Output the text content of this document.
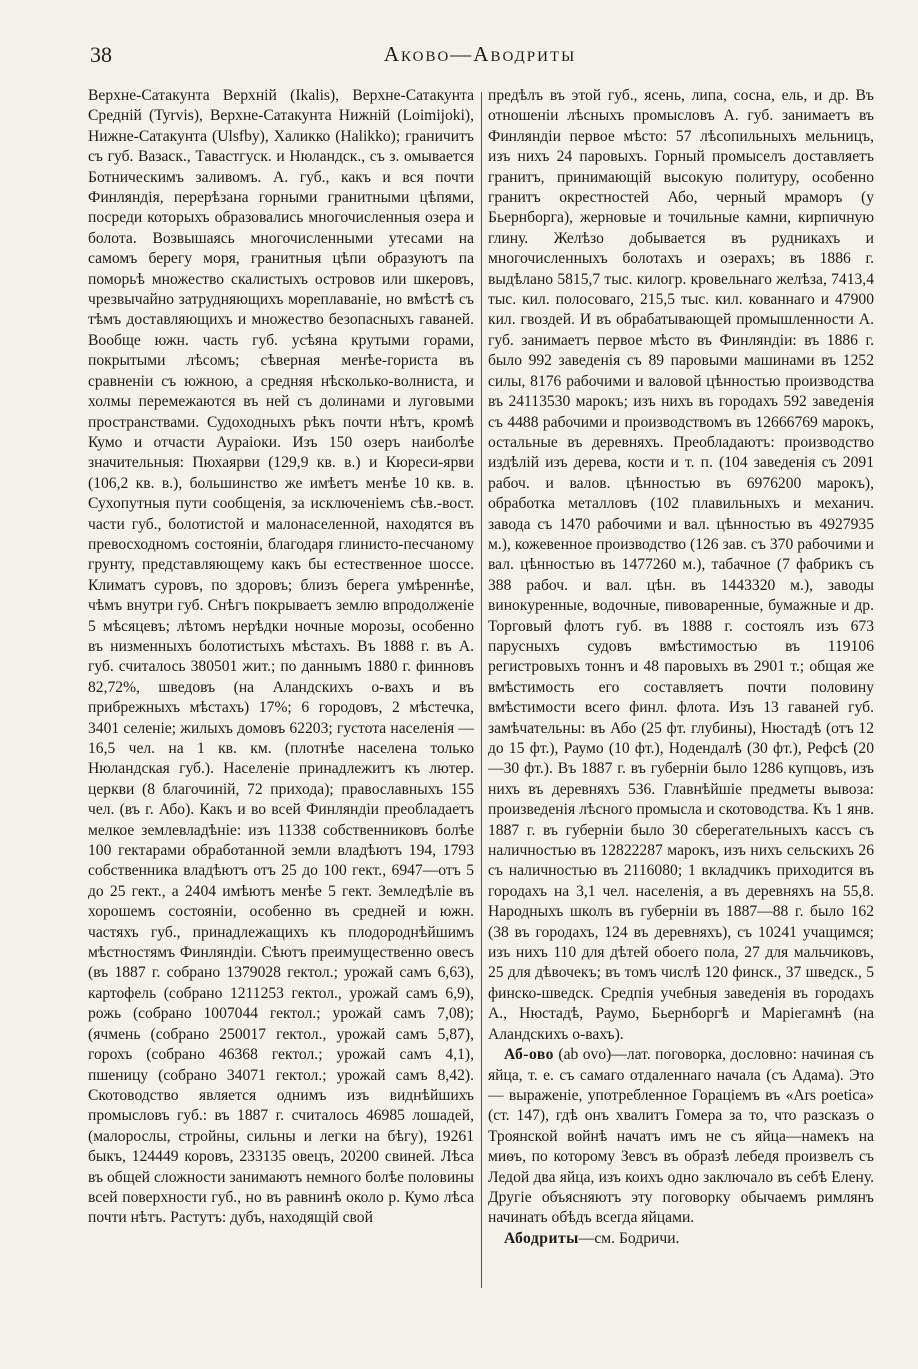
38	Аково—Аводриты

Верхне-Сатакунта Верхній (Ikalis), Верхне-Сатакунта Средній (Tyrvis), Верхне-Сатакунта Нижній (Loimijoki), Нижне-Сатакунта (Ulsfby), Халикко (Halikko); граничитъ съ губ. Вазаск., Тавастгуск. и Нюландск., съ з. омывается Ботническимъ заливомъ. А. губ., какъ и вся почти Финляндія, перерѣзана горными гранитными цѣпями, посреди которыхъ образовались многочисленныя озера и болота. Возвышаясь многочисленными утесами на самомъ берегу моря, гранитныя цѣпи образуютъ па поморьѣ множество скалистыхъ островов или шкеровъ, чрезвычайно затрудняющихъ мореплаваніе, но вмѣстѣ съ тѣмъ доставляющихъ и множество безопасныхъ гаваней. Вообще южн. часть губ. усѣяна крутыми горами, покрытыми лѣсомъ; сѣверная менѣе-гориста въ сравненіи съ южною, а средняя нѣсколько-волниста, и холмы перемежаются въ ней съ долинами и луговыми пространствами. Судоходныхъ рѣкъ почти нѣтъ, кромѣ Кумо и отчасти Аураіоки. Изъ 150 озеръ наиболѣе значительныя: Пюхаярви (129,9 кв. в.) и Кюреси-ярви (106,2 кв. в.), большинство же имѣетъ менѣе 10 кв. в. Сухопутныя пути сообщенія, за исключеніемъ сѣв.-вост. части губ., болотистой и малонаселенной, находятся въ превосходномъ состояніи, благодаря глинисто-песчаному грунту, представляющему какъ бы естественное шоссе. Климатъ суровъ, по здоровъ; близъ берега умѣреннѣе, чѣмъ внутри губ. Снѣгъ покрываетъ землю впродолженіе 5 мѣсяцевъ; лѣтомъ нерѣдки ночные морозы, особенно въ низменныхъ болотистыхъ мѣстахъ. Въ 1888 г. въ А. губ. считалось 380501 жит.; по даннымъ 1880 г. финновъ 82,72%, шведовъ (на Аландскихъ о-вахъ и въ прибрежныхъ мѣстахъ) 17%; 6 городовъ, 2 мѣстечка, 3401 селеніе; жилыхъ домовъ 62203; густота населенія — 16,5 чел. на 1 кв. км. (плотнѣе населена только Нюландская губ.). Населеніе принадлежитъ къ лютер. церкви (8 благочиній, 72 прихода); православныхъ 155 чел. (въ г. Або). Какъ и во всей Финляндіи преобладаетъ мелкое землевладѣніе: изъ 11338 собственниковъ болѣе 100 гектарами обработанной земли владѣютъ 194, 1793 собственника владѣютъ отъ 25 до 100 гект., 6947—отъ 5 до 25 гект., а 2404 имѣютъ менѣе 5 гект. Земледѣліе въ хорошемъ состояніи, особенно въ средней и южн. частяхъ губ., принадлежащихъ къ плодороднѣйшимъ мѣстностямъ Финляндіи. Сѣютъ преимущественно овесъ (въ 1887 г. собрано 1379028 гектол.; урожай самъ 6,63), картофель (собрано 1211253 гектол., урожай самъ 6,9), рожь (собрано 1007044 гектол.; урожай самъ 7,08); (ячмень (собрано 250017 гектол., урожай самъ 5,87), горохъ (собрано 46368 гектол.; урожай самъ 4,1), пшеницу (собрано 34071 гектол.; урожай самъ 8,42). Скотоводство является однимъ изъ виднѣйшихъ промысловъ губ.: въ 1887 г. считалось 46985 лошадей, (малорослы, стройны, сильны и легки на бѣгу), 19261 быкъ, 124449 коровъ, 233135 овецъ, 20200 свиней. Лѣса въ общей сложности занимаютъ немного болѣе половины всей поверхности губ., но въ равнинѣ около р. Кумо лѣса почти нѣтъ. Растутъ: дубъ, находящій свой

предѣлъ въ этой губ., ясень, липа, сосна, ель, и др. Въ отношеніи лѣсныхъ промысловъ А. губ. занимаетъ въ Финляндіи первое мѣсто: 57 лѣсопильныхъ мельницъ, изъ нихъ 24 паровыхъ. Горный промыселъ доставляетъ гранитъ, принимающій высокую политуру, особенно гранитъ окрестностей Або, черный мраморъ (у Бьернборга), жерновые и точильные камни, кирпичную глину. Желѣзо добывается въ рудникахъ и многочисленныхъ болотахъ и озерахъ; въ 1886 г. выдѣлано 5815,7 тыс. килогр. кровельнаго желѣза, 7413,4 тыс. кил. полосоваго, 215,5 тыс. кил. кованнаго и 47900 кил. гвоздей. И въ обрабатывающей промышленности А. губ. занимаетъ первое мѣсто въ Финляндіи: въ 1886 г. было 992 заведенія съ 89 паровыми машинами въ 1252 силы, 8176 рабочими и валовой цѣнностью производства въ 24113530 марокъ; изъ нихъ въ городахъ 592 заведенія съ 4488 рабочими и производствомъ въ 12666769 марокъ, остальные въ деревняхъ. Преобладаютъ: производство издѣлій изъ дерева, кости и т. п. (104 заведенія съ 2091 рабоч. и валов. цѣнностью въ 6976200 марокъ), обработка металловъ (102 плавильныхъ и механич. завода съ 1470 рабочими и вал. цѣнностью въ 4927935 м.), кожевенное производство (126 зав. съ 370 рабочими и вал. цѣнностью въ 1477260 м.), табачное (7 фабрикъ съ 388 рабоч. и вал. цѣн. въ 1443320 м.), заводы винокуренные, водочные, пивоваренные, бумажные и др. Торговый флотъ губ. въ 1888 г. состоялъ изъ 673 парусныхъ судовъ вмѣстимостью въ 119106 регистровыхъ тоннъ и 48 паровыхъ въ 2901 т.; общая же вмѣстимость его составляетъ почти половину вмѣстимости всего финл. флота. Изъ 13 гаваней губ. замѣчательны: въ Або (25 фт. глубины), Нюстадѣ (отъ 12 до 15 фт.), Раумо (10 фт.), Нодендалѣ (30 фт.), Рефсѣ (20—30 фт.). Въ 1887 г. въ губерніи было 1286 купцовъ, изъ нихъ въ деревняхъ 536. Главнѣйшіе предметы вывоза: произведенія лѣсного промысла и скотоводства. Къ 1 янв. 1887 г. въ губерніи было 30 сберегательныхъ кассъ съ наличностью въ 12822287 марокъ, изъ нихъ сельскихъ 26 съ наличностью въ 2116080; 1 вкладчикъ приходится въ городахъ на 3,1 чел. населенія, а въ деревняхъ на 55,8. Народныхъ школъ въ губерніи въ 1887—88 г. было 162 (38 въ городахъ, 124 въ деревняхъ), съ 10241 учащимся; изъ нихъ 110 для дѣтей обоего пола, 27 для мальчиковъ, 25 для дѣвочекъ; въ томъ числѣ 120 финск., 37 шведск., 5 финско-шведск. Средпія учебныя заведенія въ городахъ А., Нюстадѣ, Раумо, Бьернборгѣ и Маріегамнѣ (на Аландскихъ о-вахъ).

Аб-ово (ab ovo)—лат. поговорка, дословно: начиная съ яйца, т. е. съ самаго отдаленнаго начала (съ Адама). Это — выраженіе, употребленное Гораціемъ въ «Ars poetica» (ст. 147), гдѣ онъ хвалитъ Гомера за то, что разсказъ о Троянской войнѣ начатъ имъ не съ яйца—намекъ на миѳъ, по которому Зевсъ въ образѣ лебедя произвелъ съ Ледой два яйца, изъ коихъ одно заключало въ себѣ Елену. Другіе объясняютъ эту поговорку обычаемъ римлянъ начинать обѣдъ всегда яйцами.

Абодриты—см. Бодричи.
